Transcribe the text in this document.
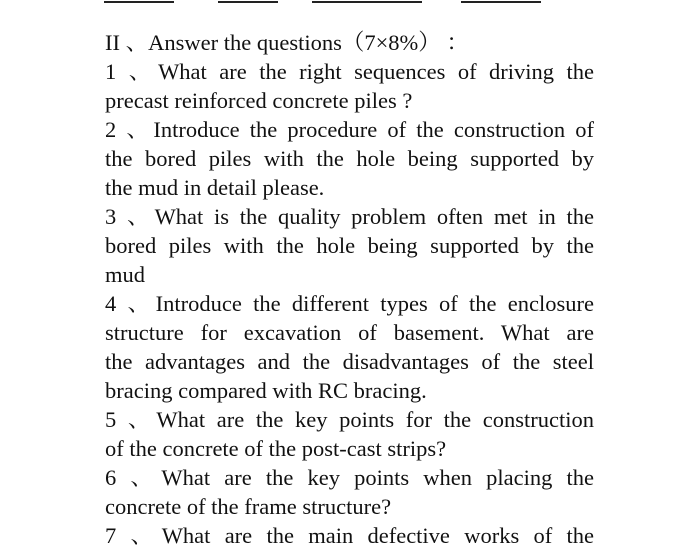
II 、Answer the questions（7×8%） ：
1 、What are the right sequences of driving the
precast reinforced concrete piles ?
2 、Introduce the procedure of the construction of
the bored piles with the hole being supported by
the mud in detail please.
3 、What is the quality problem often met in the
bored piles with the hole being supported by the
mud
4 、Introduce the different types of the enclosure
structure for excavation of basement. What are
the advantages and the disadvantages of the steel
bracing compared with RC bracing.
5 、What are the key points for the construction
of the concrete of the post-cast strips?
6 、What are the key points when placing the
concrete of the frame structure?
7 、What are the main defective works of the
